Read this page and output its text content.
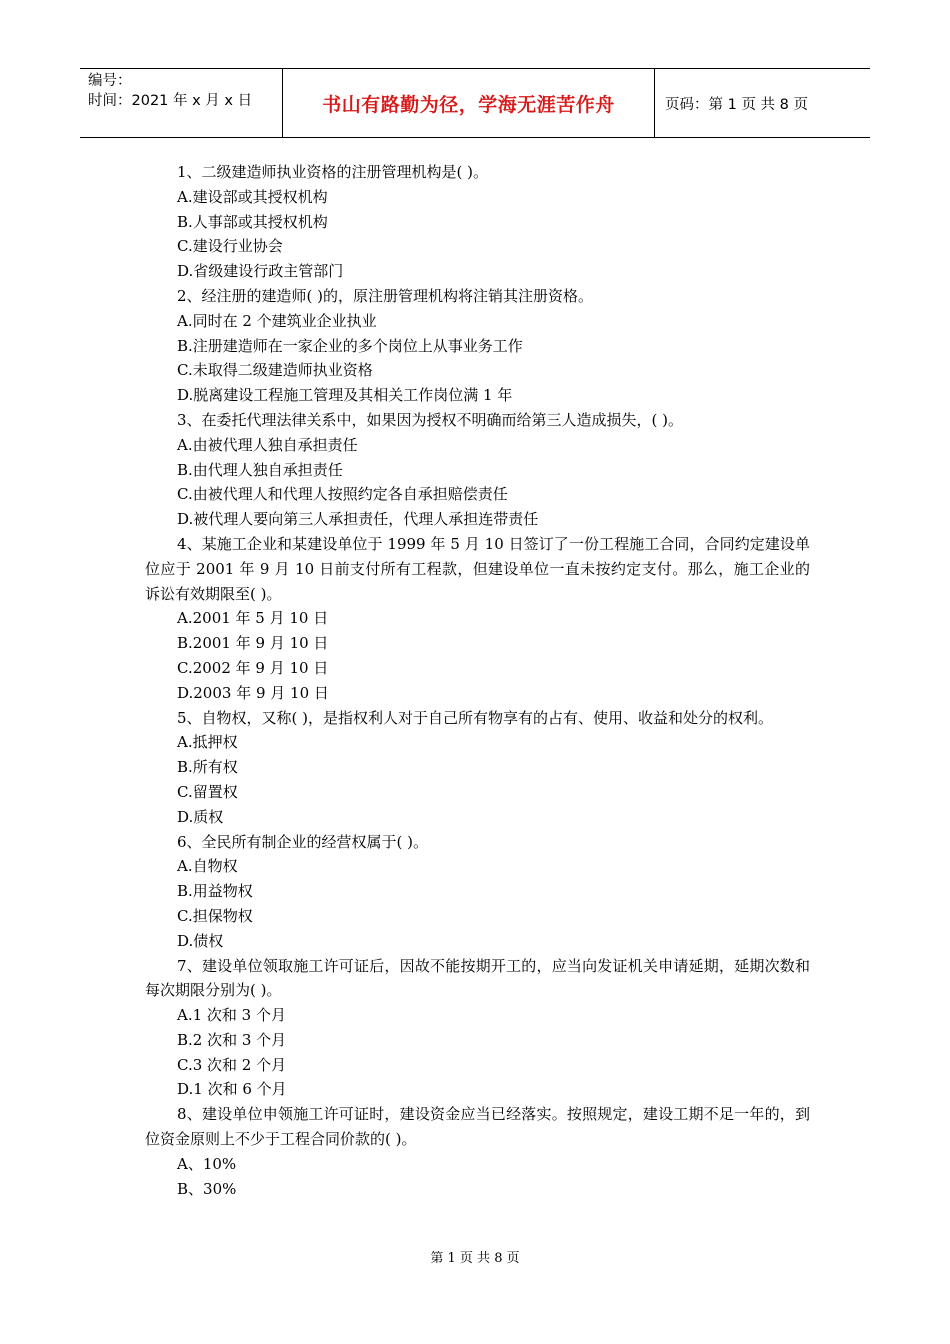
编号：
时间：2021 年 x 月 x 日	书山有路勤为径，学海无涯苦作舟	页码：第 1 页 共 8 页

1、二级建造师执业资格的注册管理机构是( )。

A.建设部或其授权机构

B.人事部或其授权机构

C.建设行业协会

D.省级建设行政主管部门

2、经注册的建造师( )的，原注册管理机构将注销其注册资格。

A.同时在 2 个建筑业企业执业

B.注册建造师在一家企业的多个岗位上从事业务工作

C.未取得二级建造师执业资格

D.脱离建设工程施工管理及其相关工作岗位满 1 年

3、在委托代理法律关系中，如果因为授权不明确而给第三人造成损失，( )。

A.由被代理人独自承担责任

B.由代理人独自承担责任

C.由被代理人和代理人按照约定各自承担赔偿责任

D.被代理人要向第三人承担责任，代理人承担连带责任

4、某施工企业和某建设单位于 1999 年 5 月 10 日签订了一份工程施工合同，合同约定建设单位应于 2001 年 9 月 10 日前支付所有工程款，但建设单位一直未按约定支付。那么，施工企业的诉讼有效期限至( )。

A.2001 年 5 月 10 日

B.2001 年 9 月 10 日

C.2002 年 9 月 10 日

D.2003 年 9 月 10 日

5、自物权，又称( )，是指权利人对于自己所有物享有的占有、使用、收益和处分的权利。

A.抵押权

B.所有权

C.留置权

D.质权

6、全民所有制企业的经营权属于( )。

A.自物权

B.用益物权

C.担保物权

D.债权

7、建设单位领取施工许可证后，因故不能按期开工的，应当向发证机关申请延期，延期次数和每次期限分别为( )。

A.1 次和 3 个月

B.2 次和 3 个月

C.3 次和 2 个月

D.1 次和 6 个月

8、建设单位申领施工许可证时，建设资金应当已经落实。按照规定，建设工期不足一年的，到位资金原则上不少于工程合同价款的( )。

A、10%

B、30%

第 1 页 共 8 页
